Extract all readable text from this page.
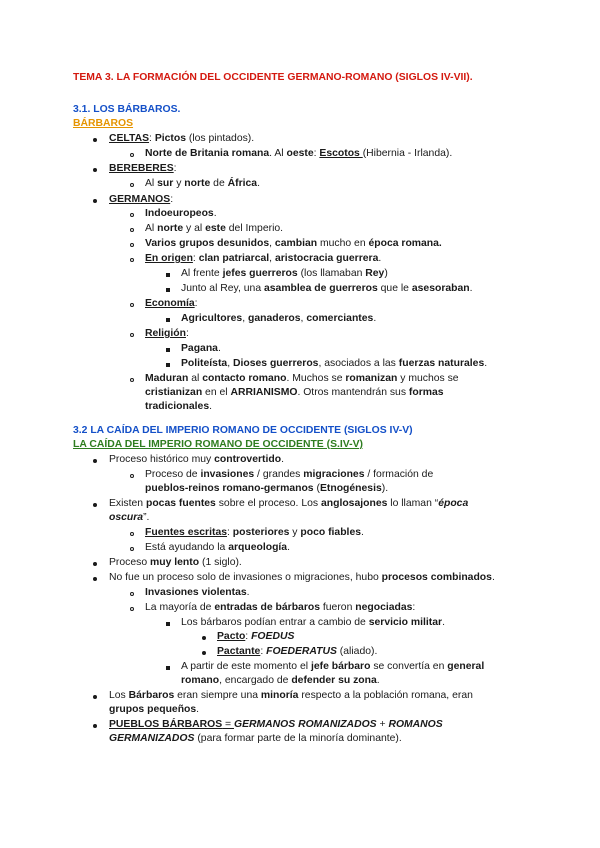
TEMA 3. LA FORMACIÓN DEL OCCIDENTE GERMANO-ROMANO (SIGLOS IV-VII).
3.1. LOS BÁRBAROS.
BÁRBAROS
CELTAS: Pictos (los pintados).
Norte de Britania romana. Al oeste: Escotos (Hibernia - Irlanda).
BEREBERES:
Al sur y norte de África.
GERMANOS:
Indoeuropeos.
Al norte y al este del Imperio.
Varios grupos desunidos, cambian mucho en época romana.
En origen: clan patriarcal, aristocracia guerrera.
Al frente jefes guerreros (los llamaban Rey)
Junto al Rey, una asamblea de guerreros que le asesoraban.
Economía:
Agricultores, ganaderos, comerciantes.
Religión:
Pagana.
Politeísta, Dioses guerreros, asociados a las fuerzas naturales.
Maduran al contacto romano. Muchos se romanizan y muchos se
cristianizan en el ARRIANISMO. Otros mantendrán sus formas
tradicionales.
3.2 LA CAÍDA DEL IMPERIO ROMANO DE OCCIDENTE (SIGLOS IV-V)
LA CAÍDA DEL IMPERIO ROMANO DE OCCIDENTE (S.IV-V)
Proceso histórico muy controvertido.
Proceso de invasiones / grandes migraciones / formación de
pueblos-reinos romano-germanos (Etnogénesis).
Existen pocas fuentes sobre el proceso. Los anglosajones lo llaman “época
oscura”.
Fuentes escritas: posteriores y poco fiables.
Está ayudando la arqueología.
Proceso muy lento (1 siglo).
No fue un proceso solo de invasiones o migraciones, hubo procesos combinados.
Invasiones violentas.
La mayoría de entradas de bárbaros fueron negociadas:
Los bárbaros podían entrar a cambio de servicio militar.
Pacto: FOEDUS
Pactante: FOEDERATUS (aliado).
A partir de este momento el jefe bárbaro se convertía en general
romano, encargado de defender su zona.
Los Bárbaros eran siempre una minoría respecto a la población romana, eran
grupos pequeños.
PUEBLOS BÁRBAROS = GERMANOS ROMANIZADOS + ROMANOS
GERMANIZADOS (para formar parte de la minoría dominante).
